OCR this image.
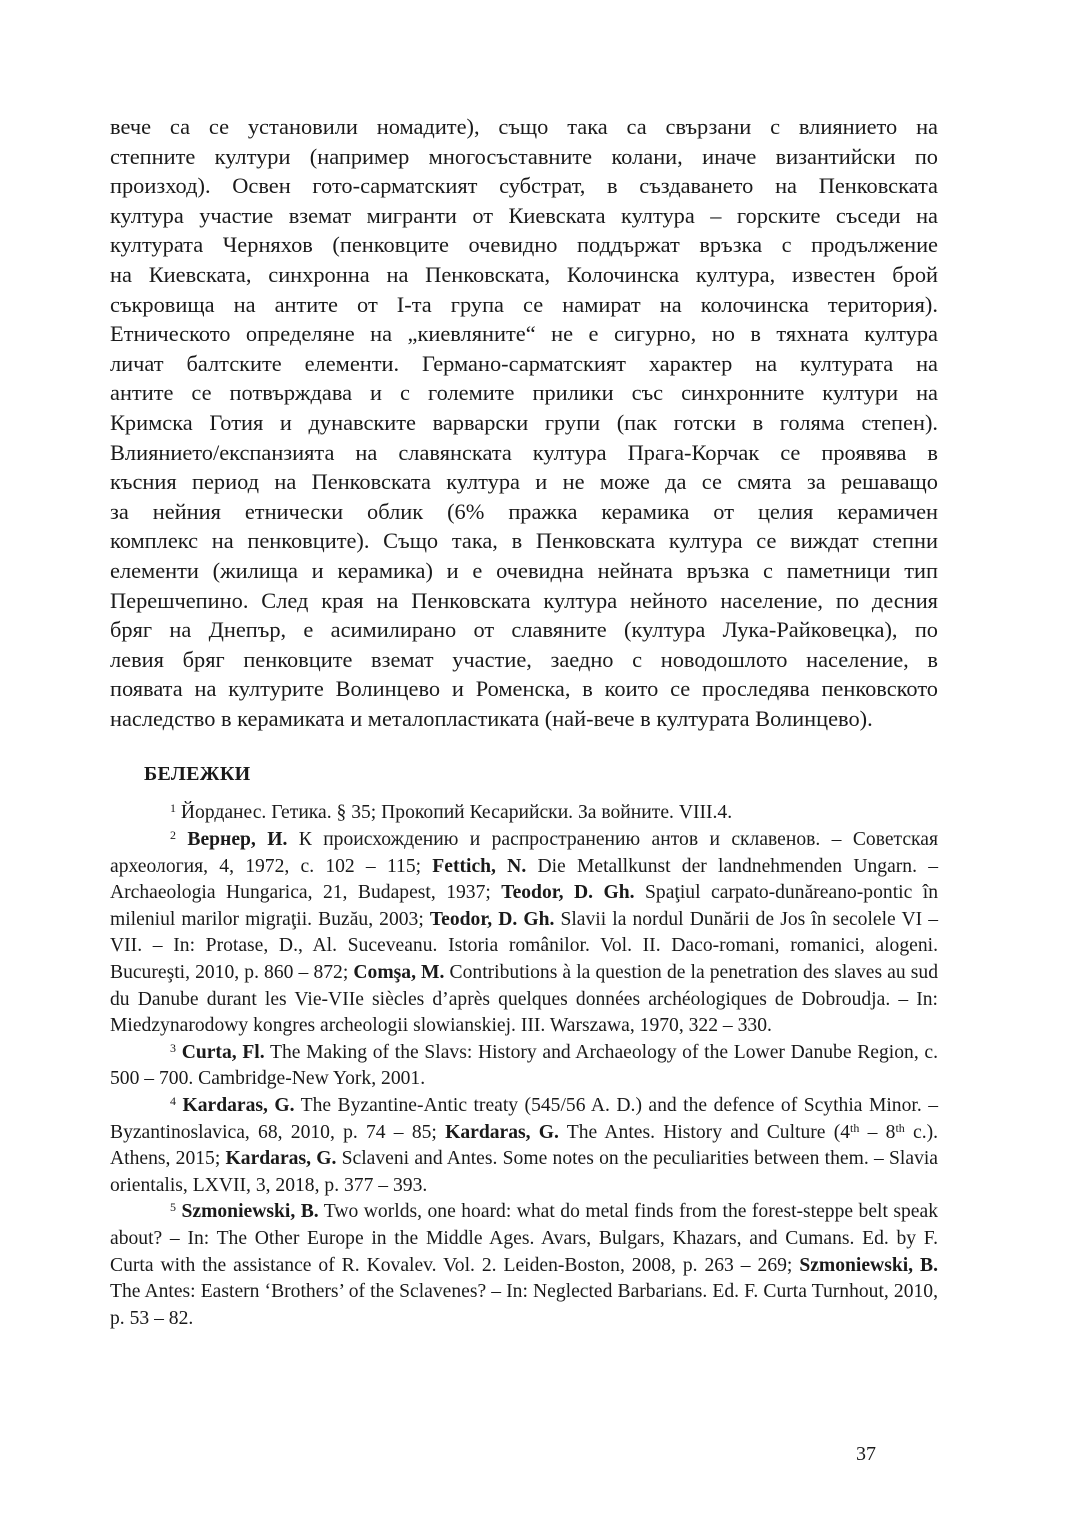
вече са се установили номадите), също така са свързани с влиянието на
степните култури (например многосъставните колани, иначе византийски по
произход). Освен гото-сарматският субстрат, в създаването на Пенковската
култура участие вземат мигранти от Киевската култура – горските съседи на
културата Черняхов (пенковците очевидно поддържат връзка с продължение
на Киевската, синхронна на Пенковската, Колочинска култура, известен брой
съкровища на антите от I-та група се намират на колочинска територия).
Етническото определяне на „киевляните“ не е сигурно, но в тяхната култура
личат балтските елементи. Германо-сарматският характер на културата на
антите се потвърждава и с големите прилики със синхронните култури на
Кримска Готия и дунавските варварски групи (пак готски в голяма степен).
Влиянието/експанзията на славянската култура Прага-Корчак се проявява в
късния период на Пенковската култура и не може да се смята за решаващо
за нейния етнически облик (6% пражка керамика от целия керамичен
комплекс на пенковците). Също така, в Пенковската култура се виждат степни
елементи (жилища и керамика) и е очевидна нейната връзка с паметници тип
Перешчепино. След края на Пенковската култура нейното население, по десния
бряг на Днепър, е асимилирано от славяните (култура Лука-Райковецка), по
левия бряг пенковците вземат участие, заедно с новодошлото население, в
появата на културите Волинцево и Роменска, в които се проследява пенковското
наследство в керамиката и металопластиката (най-вече в културата Волинцево).
БЕЛЕЖКИ

$^1$ Йорданес. Гетика. § 35; Прокопий Кесарийски. За войните. VIII.4.

$^2$ Вернер, И. К происхождению и распространению антов и склавенов. – Советская археология, 4, 1972, с. 102 – 115; Fettich, N. Die Metallkunst der landnehmenden Ungarn. – Archaeologia Hungarica, 21, Budapest, 1937; Teodor, D. Gh. Spaţiul carpato-dunăreano-pontic în mileniul marilor migraţii. Buzău, 2003; Teodor, D. Gh. Slavii la nordul Dunării de Jos în secolele VI – VII. – In: Protase, D., Al. Suceveanu. Istoria românilor. Vol. II. Daco-romani, romanici, alogeni. Bucureşti, 2010, p. 860 – 872; Comşa, M. Contributions à la question de la penetration des slaves au sud du Danube durant les Vie-VIIe siècles d’après quelques données archéologiques de Dobroudja. – In: Miedzynarodowy kongres archeologii slowianskiej. III. Warszawa, 1970, 322 – 330.

$^3$ Curta, Fl. The Making of the Slavs: History and Archaeology of the Lower Danube Region, c. 500 – 700. Cambridge-New York, 2001.

$^4$ Kardaras, G. The Byzantine-Antic treaty (545/56 A. D.) and the defence of Scythia Minor. – Byzantinoslavica, 68, 2010, p. 74 – 85; Kardaras, G. The Antes. History and Culture (4th – 8th c.). Athens, 2015; Kardaras, G. Sclaveni and Antes. Some notes on the peculiarities between them. – Slavia orientalis, LXVII, 3, 2018, p. 377 – 393.

$^5$ Szmoniewski, B. Two worlds, one hoard: what do metal finds from the forest-steppe belt speak about? – In: The Other Europe in the Middle Ages. Avars, Bulgars, Khazars, and Cumans. Ed. by F. Curta with the assistance of R. Kovalev. Vol. 2. Leiden-Boston, 2008, p. 263 – 269; Szmoniewski, B. The Antes: Eastern ‘Brothers’ of the Sclavenes? – In: Neglected Barbarians. Ed. F. Curta Turnhout, 2010, p. 53 – 82.

37
